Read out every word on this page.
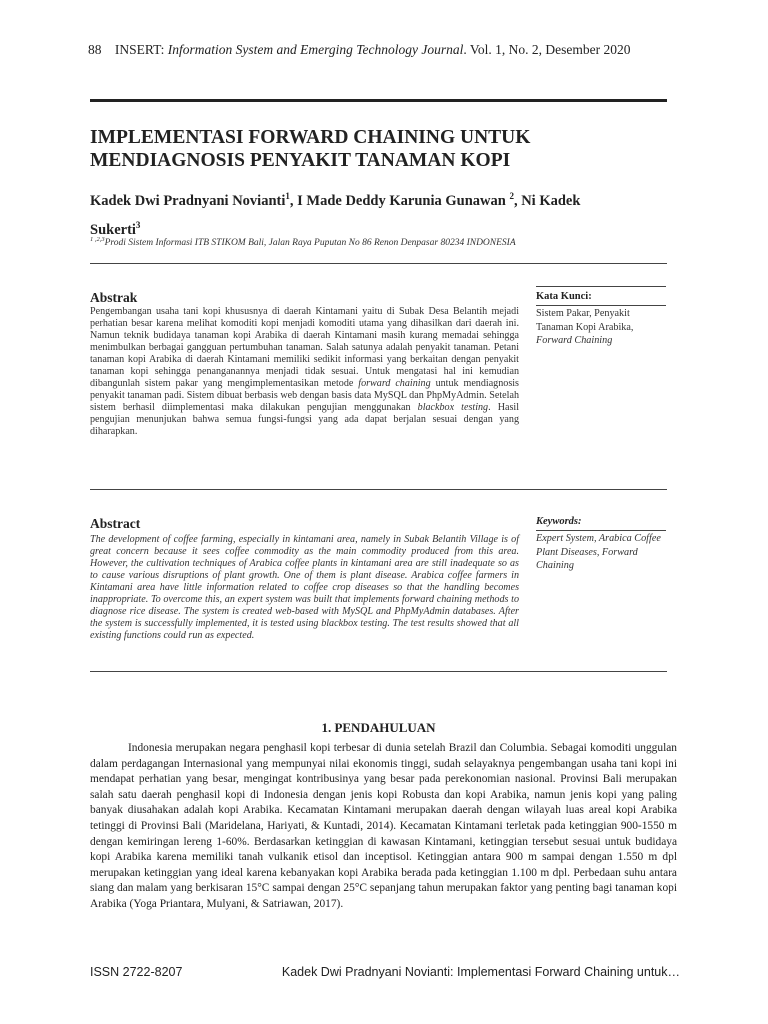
88 INSERT: Information System and Emerging Technology Journal. Vol. 1, No. 2, Desember 2020
IMPLEMENTASI FORWARD CHAINING UNTUK
MENDIAGNOSIS PENYAKIT TANAMAN KOPI
Kadek Dwi Pradnyani Novianti$^1$, I Made Deddy Karunia Gunawan $^2$, Ni Kadek
Sukerti$^3$
$^{1 ,2,3}$Prodi Sistem Informasi ITB STIKOM Bali, Jalan Raya Puputan No 86 Renon Denpasar 80234 INDONESIA
Abstrak
Pengembangan usaha tani kopi khususnya di daerah Kintamani yaitu di Subak Desa Belantih mejadi perhatian besar karena melihat komoditi kopi menjadi komoditi utama yang dihasilkan dari daerah ini. Namun teknik budidaya tanaman kopi Arabika di daerah Kintamani masih kurang memadai sehingga menimbulkan berbagai gangguan pertumbuhan tanaman. Salah satunya adalah penyakit tanaman. Petani tanaman kopi Arabika di daerah Kintamani memiliki sedikit informasi yang berkaitan dengan penyakit tanaman kopi sehingga penanganannya menjadi tidak sesuai. Untuk mengatasi hal ini kemudian dibangunlah sistem pakar yang mengimplementasikan metode forward chaining untuk mendiagnosis penyakit tanaman padi. Sistem dibuat berbasis web dengan basis data MySQL dan PhpMyAdmin. Setelah sistem berhasil diimplementasi maka dilakukan pengujian menggunakan blackbox testing. Hasil pengujian menunjukan bahwa semua fungsi-fungsi yang ada dapat berjalan sesuai dengan yang diharapkan.
Kata Kunci:
Sistem Pakar, Penyakit Tanaman Kopi Arabika,
Forward Chaining
Abstract
The development of coffee farming, especially in kintamani area, namely in Subak Belantih Village is of great concern because it sees coffee commodity as the main commodity produced from this area. However, the cultivation techniques of Arabica coffee plants in kintamani area are still inadequate so as to cause various disruptions of plant growth. One of them is plant disease. Arabica coffee farmers in Kintamani area have little information related to coffee crop diseases so that the handling becomes inappropriate. To overcome this, an expert system was built that implements forward chaining methods to diagnose rice disease. The system is created web-based with MySQL and PhpMyAdmin databases. After the system is successfully implemented, it is tested using blackbox testing. The test results showed that all existing functions could run as expected.
Keywords:
Expert System, Arabica Coffee Plant Diseases, Forward Chaining
1. PENDAHULUAN

Indonesia merupakan negara penghasil kopi terbesar di dunia setelah Brazil dan Columbia. Sebagai komoditi unggulan dalam perdagangan Internasional yang mempunyai nilai ekonomis tinggi, sudah selayaknya pengembangan usaha tani kopi ini mendapat perhatian yang besar, mengingat kontribusinya yang besar pada perekonomian nasional. Provinsi Bali merupakan salah satu daerah penghasil kopi di Indonesia dengan jenis kopi Robusta dan kopi Arabika, namun jenis kopi yang paling banyak diusahakan adalah kopi Arabika. Kecamatan Kintamani merupakan daerah dengan wilayah luas areal kopi Arabika tetinggi di Provinsi Bali (Maridelana, Hariyati, & Kuntadi, 2014). Kecamatan Kintamani terletak pada ketinggian 900-1550 m dengan kemiringan lereng 1-60%. Berdasarkan ketinggian di kawasan Kintamani, ketinggian tersebut sesuai untuk budidaya kopi Arabika karena memiliki tanah vulkanik etisol dan inceptisol. Ketinggian antara 900 m sampai dengan 1.550 m dpl merupakan ketinggian yang ideal karena kebanyakan kopi Arabika berada pada ketinggian 1.100 m dpl. Perbedaan suhu antara siang dan malam yang berkisaran 15°C sampai dengan 25°C sepanjang tahun merupakan faktor yang penting bagi tanaman kopi Arabika (Yoga Priantara, Mulyani, & Satriawan, 2017).

ISSN 2722-8207	Kadek Dwi Pradnyani Novianti: Implementasi Forward Chaining untuk…
